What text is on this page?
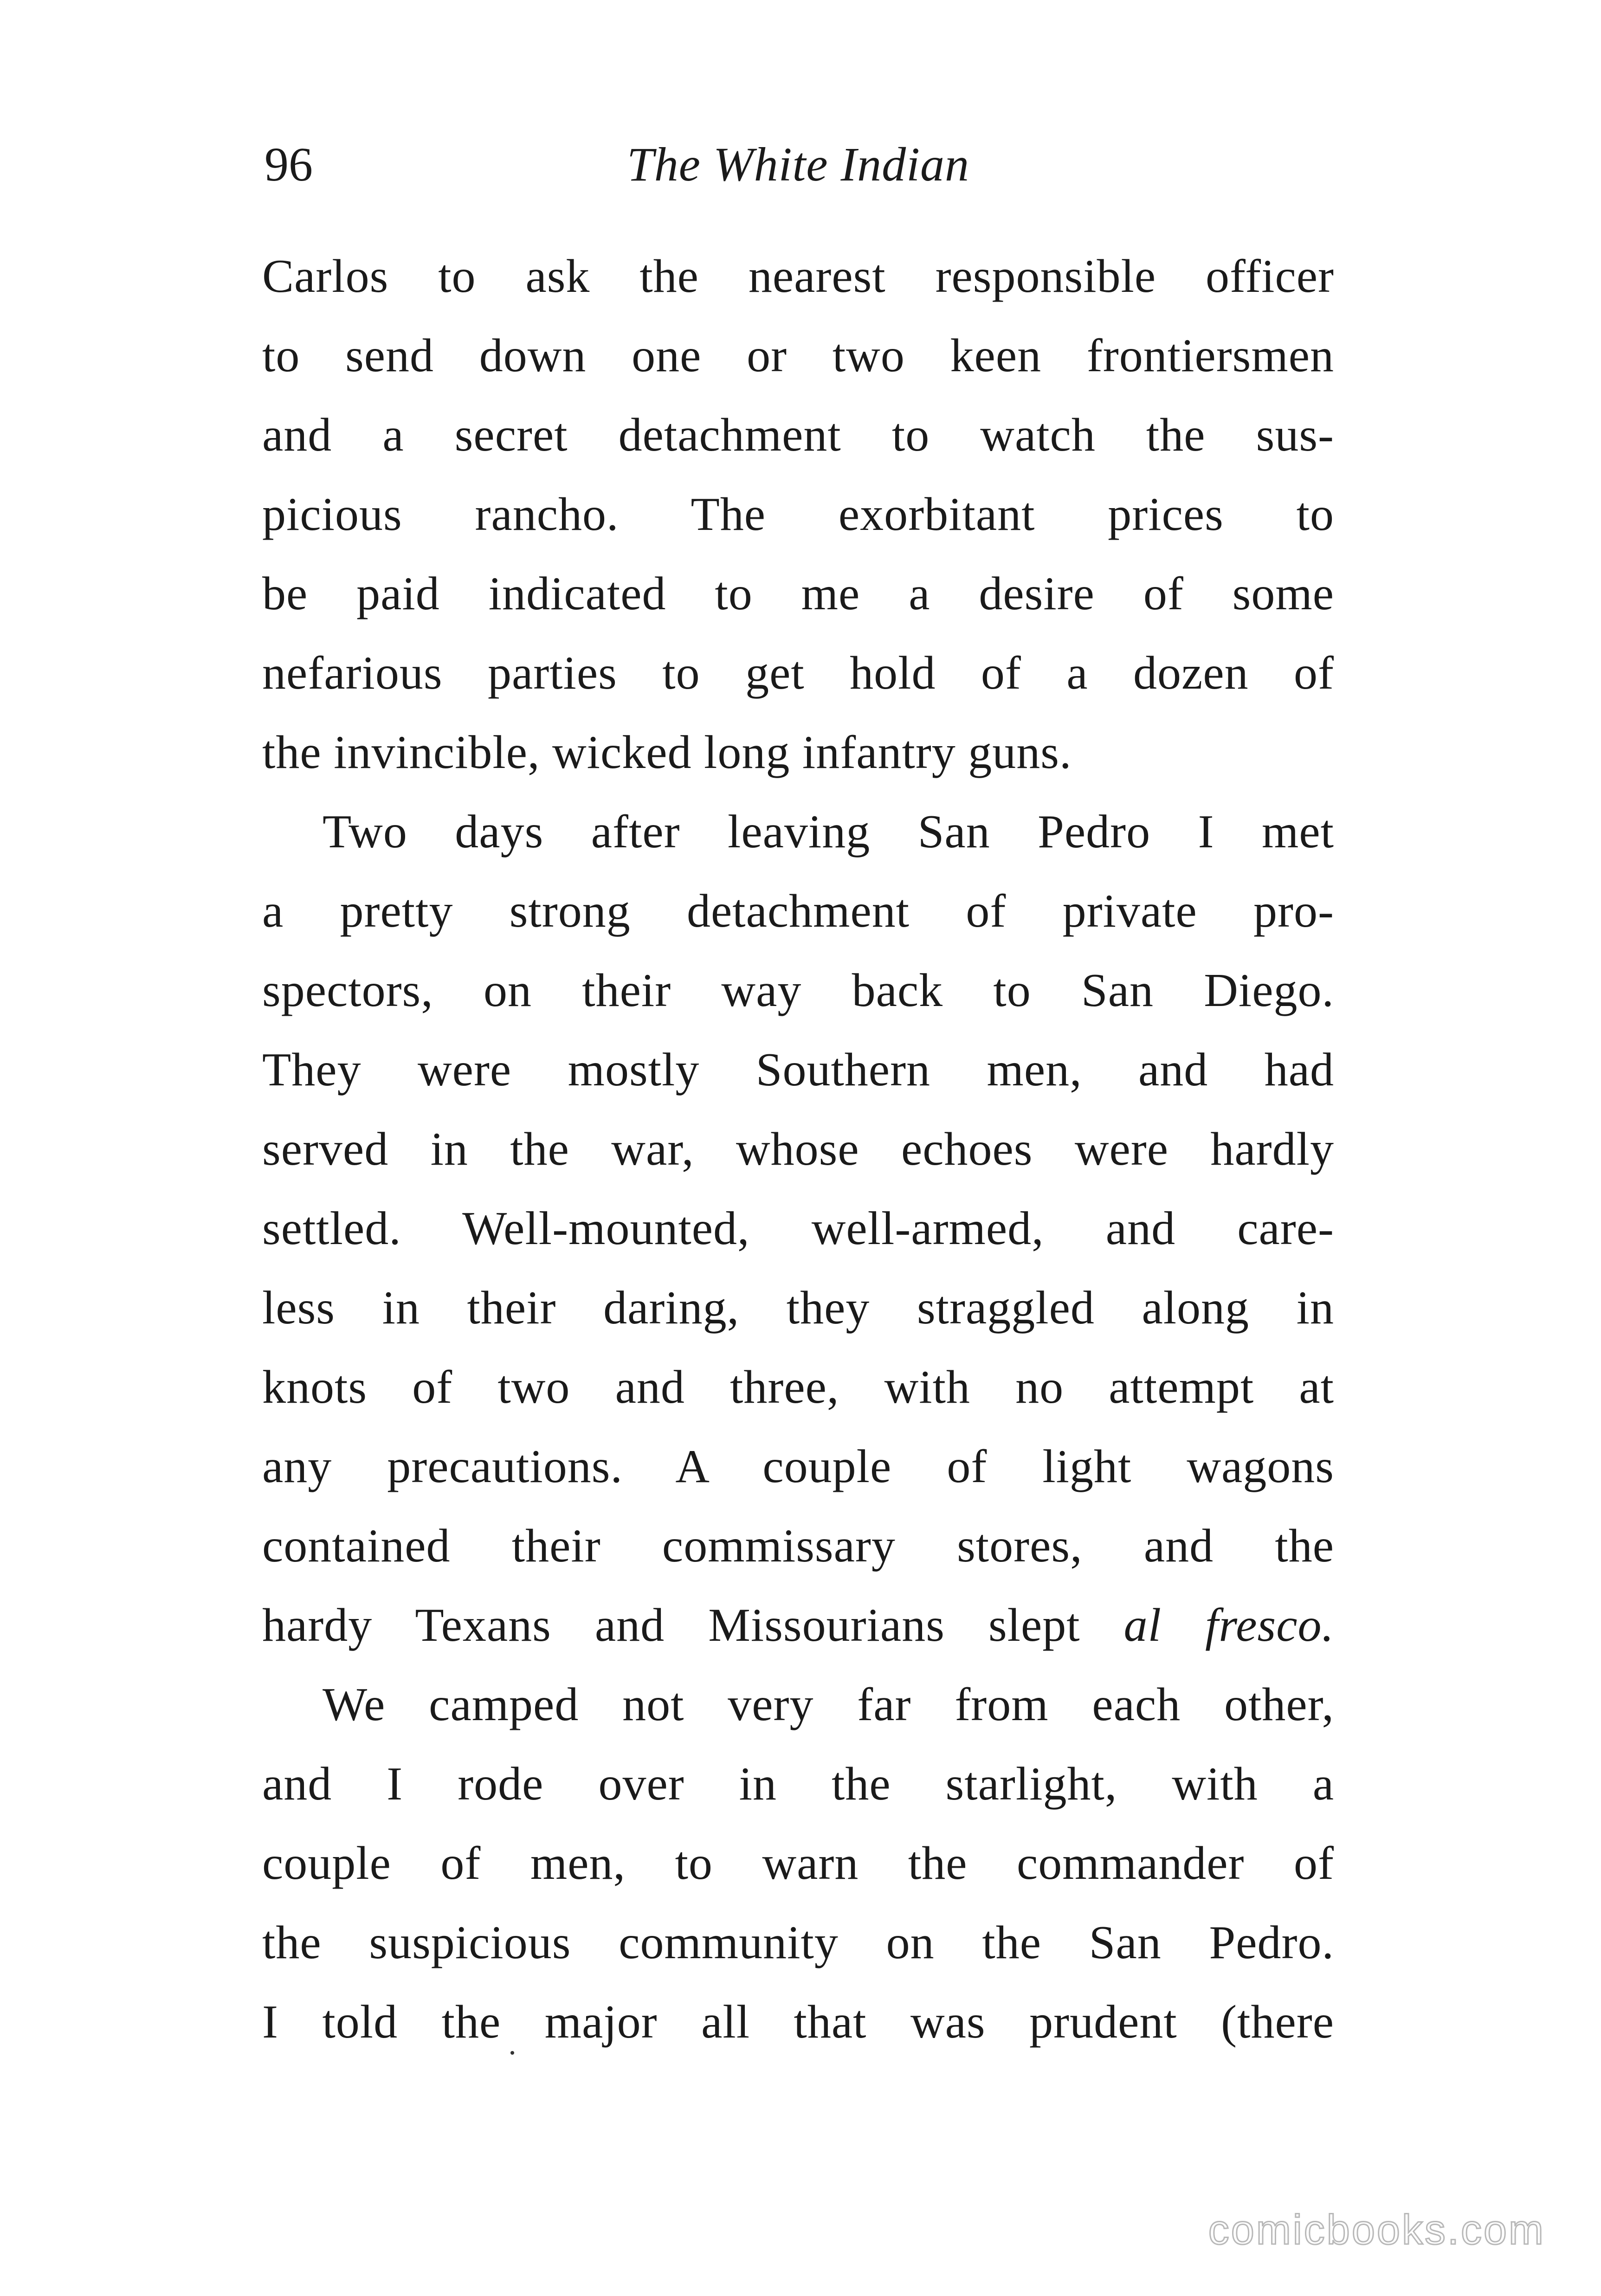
96	The White Indian
Carlos to ask the nearest responsible officer
to send down one or two keen frontiersmen
and a secret detachment to watch the sus-
picious rancho. The exorbitant prices to
be paid indicated to me a desire of some
nefarious parties to get hold of a dozen of
the invincible, wicked long infantry guns.
Two days after leaving San Pedro I met
a pretty strong detachment of private pro-
spectors, on their way back to San Diego.
They were mostly Southern men, and had
served in the war, whose echoes were hardly
settled. Well-mounted, well-armed, and care-
less in their daring, they straggled along in
knots of two and three, with no attempt at
any precautions. A couple of light wagons
contained their commissary stores, and the
hardy Texans and Missourians slept al fresco.
We camped not very far from each other,
and I rode over in the starlight, with a
couple of men, to warn the commander of
the suspicious community on the San Pedro.
I told the major all that was prudent (there
comicbooks.com
